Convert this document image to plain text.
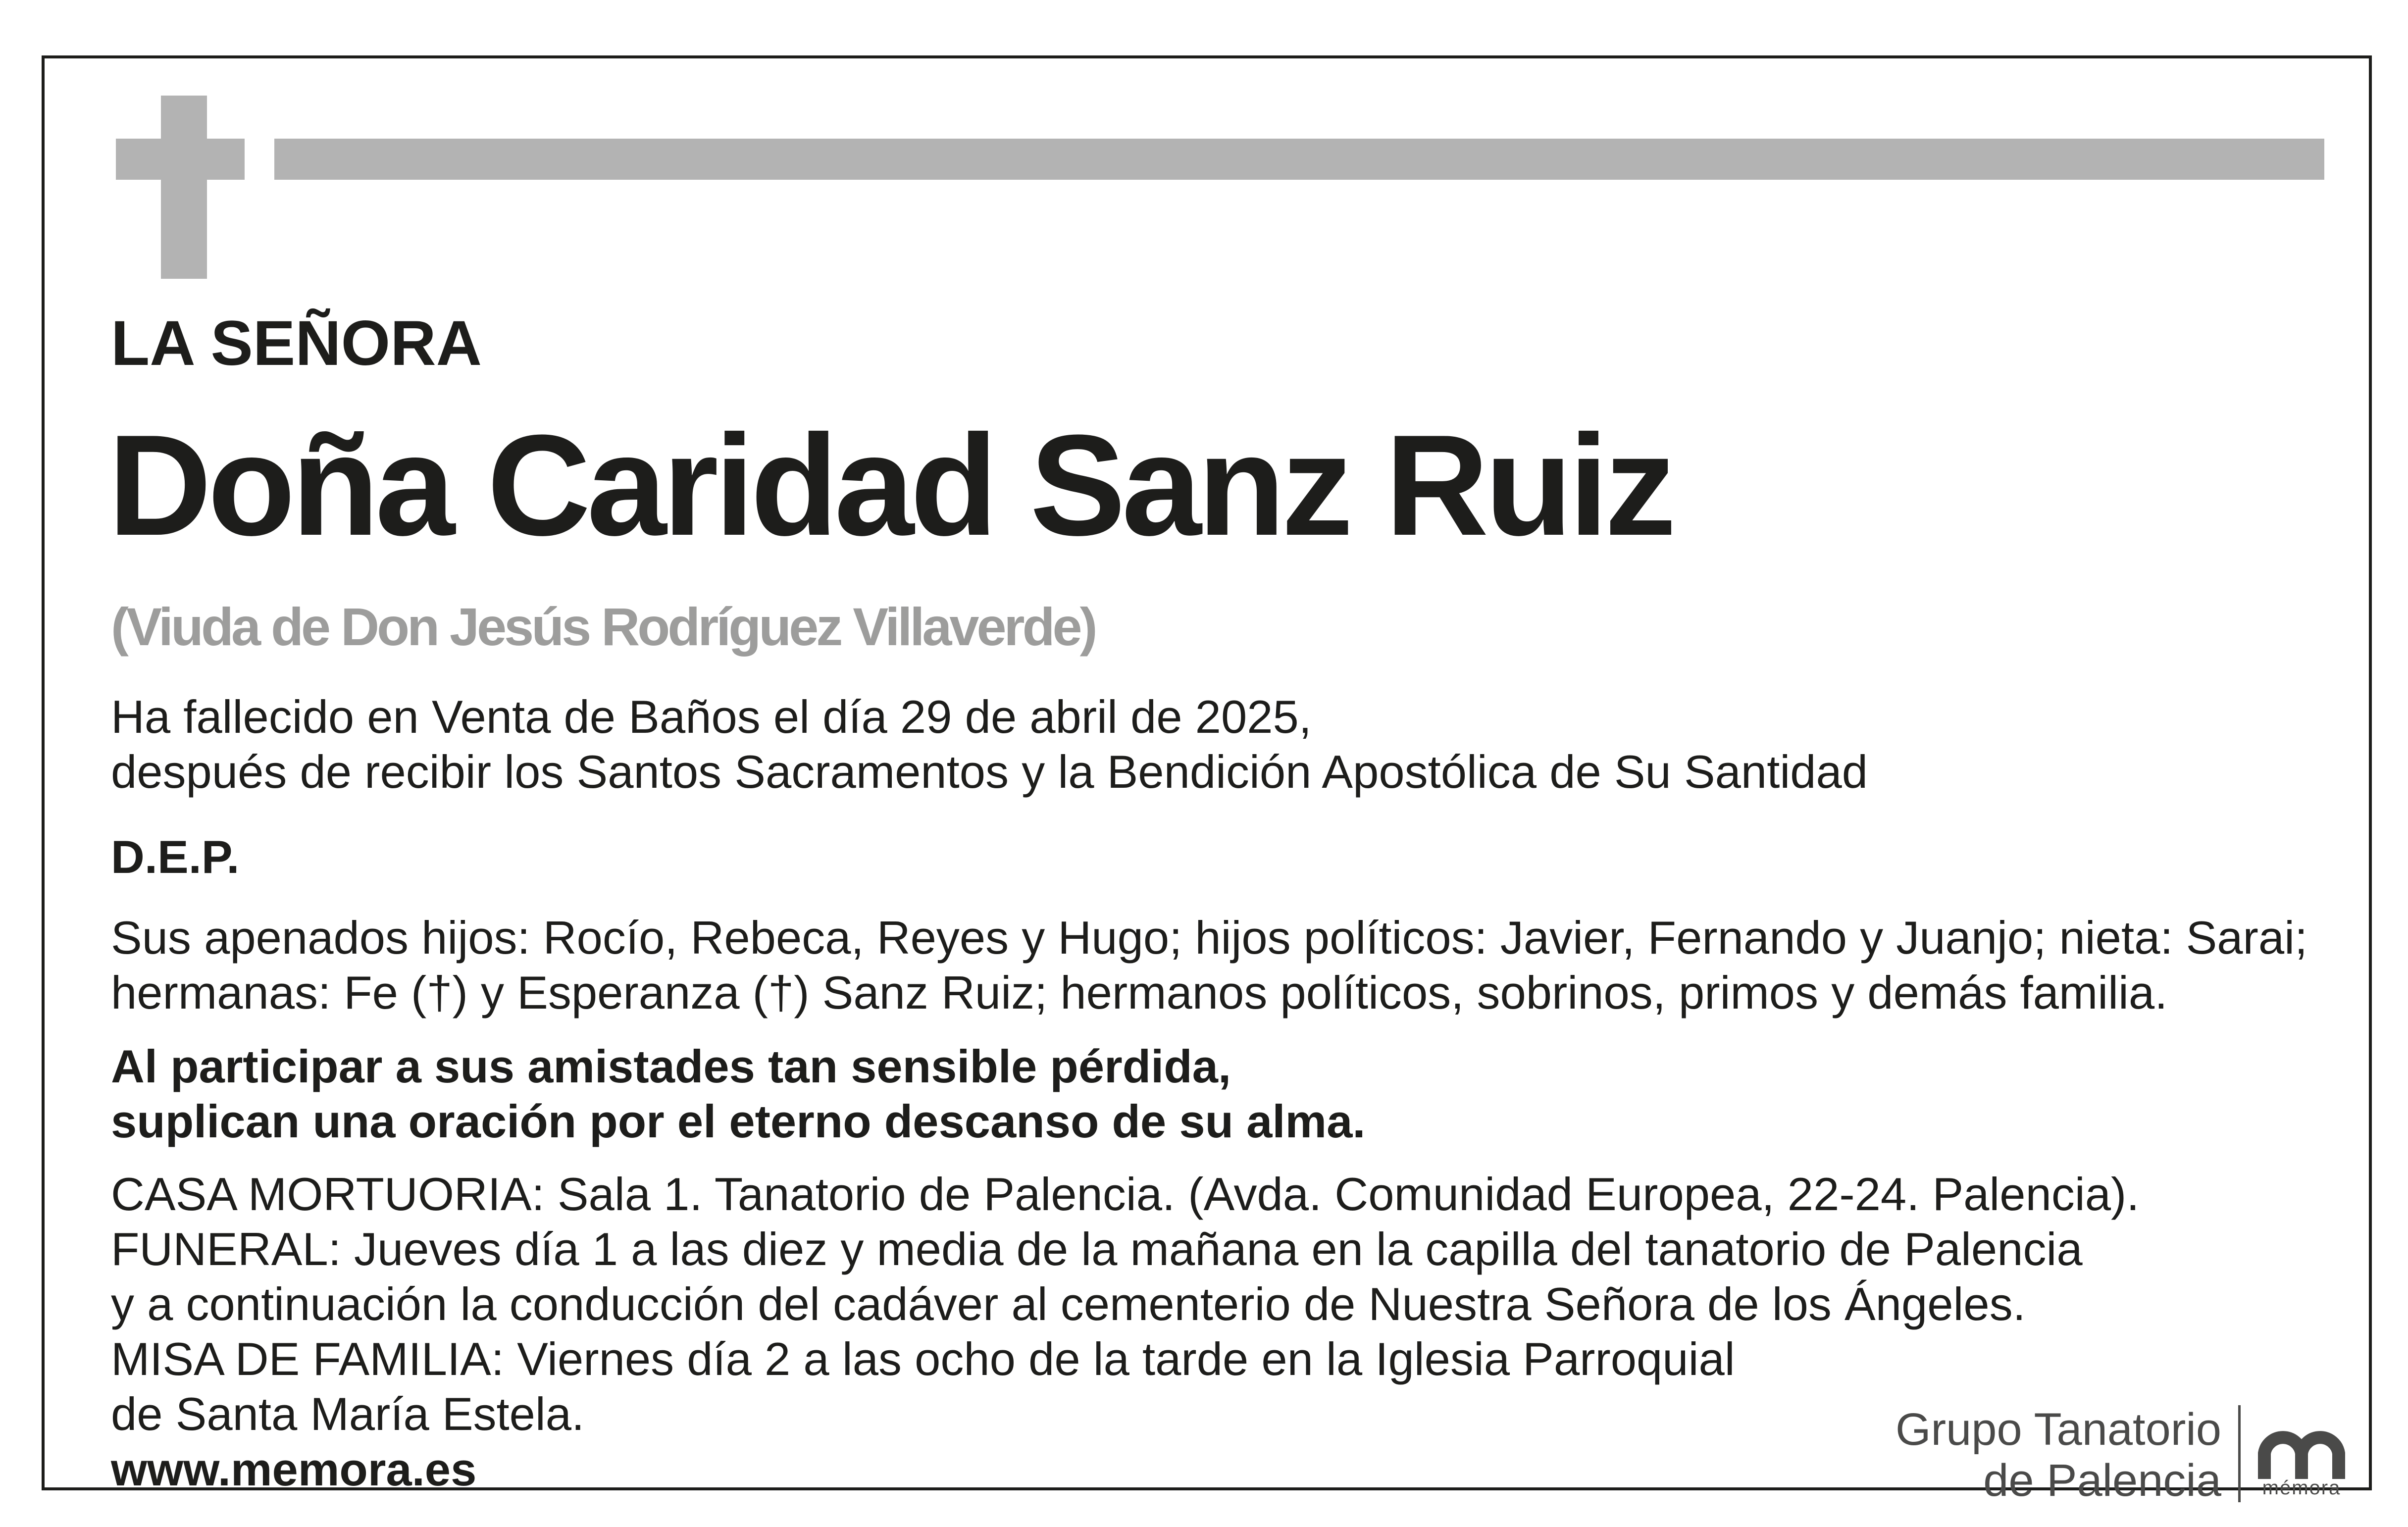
LA SEÑORA
Doña Caridad Sanz Ruiz
(Viuda de Don Jesús Rodríguez Villaverde)
Ha fallecido en Venta de Baños el día 29 de abril de 2025,
después de recibir los Santos Sacramentos y la Bendición Apostólica de Su Santidad
D.E.P.
Sus apenados hijos: Rocío, Rebeca, Reyes y Hugo; hijos políticos: Javier, Fernando y Juanjo; nieta: Sarai;
hermanas: Fe (†) y Esperanza (†) Sanz Ruiz; hermanos políticos, sobrinos, primos y demás familia.
Al participar a sus amistades tan sensible pérdida,
suplican una oración por el eterno descanso de su alma.
CASA MORTUORIA: Sala 1. Tanatorio de Palencia. (Avda. Comunidad Europea, 22-24. Palencia).
FUNERAL: Jueves día 1 a las diez y media de la mañana en la capilla del tanatorio de Palencia
y a continuación la conducción del cadáver al cementerio de Nuestra Señora de los Ángeles.
MISA DE FAMILIA: Viernes día 2 a las ocho de la tarde en la Iglesia Parroquial
de Santa María Estela.
www.memora.es
Grupo Tanatorio
de Palencia	mémora
